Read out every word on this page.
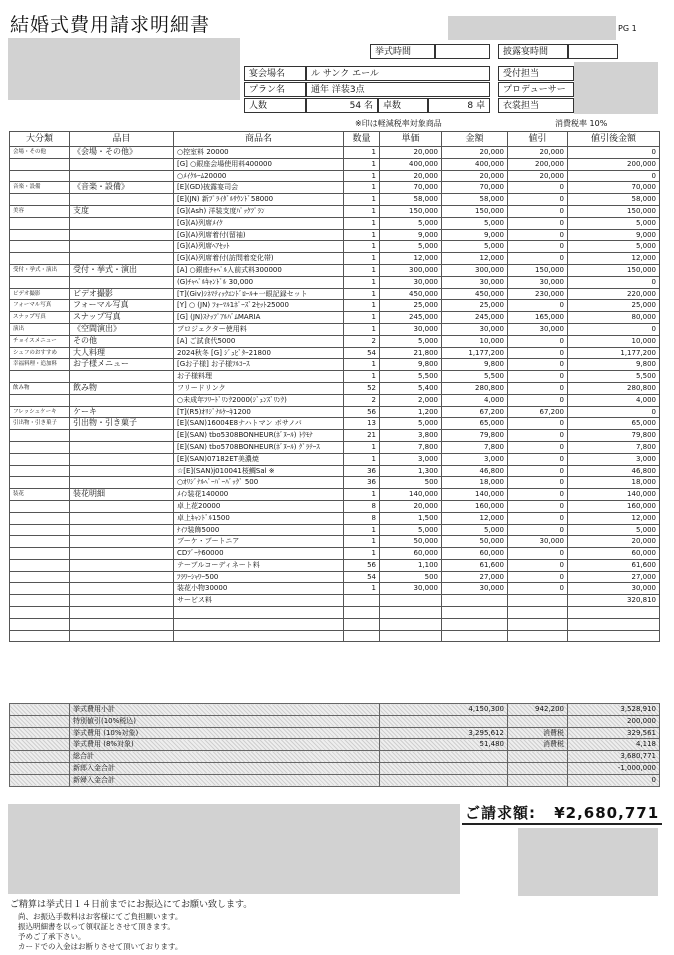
結婚式費用請求明細書	PG 1
挙式時間	披露宴時間
宴会場名	ル サンク エール	受付担当
プラン名	通年 洋装3点	プロデューサー
人数	54 名	卓数	8 卓	衣裳担当
※印は軽減税率対象商品	消費税率 10%
大分類	品目	商品名	数量	単価	金額	値引	値引後金額
会場・その他	《会場・その他》	○控室料 20000	1	20,000	20,000	20,000	0
		[G] ○銀座会場使用料400000	1	400,000	400,000	200,000	200,000
		○ﾒｲｸﾙｰﾑ20000	1	20,000	20,000	20,000	0
音楽・設備	《音楽・設備》	[E](GD)披露宴司会	1	70,000	70,000	0	70,000
		[E](JN) 新ﾌﾟﾗｲﾀﾞﾙｻｳﾝﾄﾞ58000	1	58,000	58,000	0	58,000
美容	支度	[G](Ash) 洋装支度ﾊﾟｯｸﾌﾟﾗﾝ	1	150,000	150,000	0	150,000
		[G](A)列席ﾒｲｸ	1	5,000	5,000	0	5,000
		[G](A)列席着付(留袖)	1	9,000	9,000	0	9,000
		[G](A)列席ﾍｱｾｯﾄ	1	5,000	5,000	0	5,000
		[G](A)列席着付(訪問着変化帯)	1	12,000	12,000	0	12,000
受付・挙式・演出	受付・挙式・演出	[A] ○銀座ﾁｬﾍﾟﾙ人前式料300000	1	300,000	300,000	150,000	150,000
		(G)ﾁｬﾍﾟﾙｷｬﾝﾄﾞﾙ 30,000	1	30,000	30,000	30,000	0
ビデオ撮影	ビデオ撮影	[T](Giv)ｼﾈﾏﾃｨｯｸｴﾝﾄﾞﾛｰﾙ+一眼記録セット	1	450,000	450,000	230,000	220,000
フォーマル写真	フォーマル写真	[Y] ○ (JN) ﾌｫｰﾏﾙ1ﾎﾟｰｽﾞ2ｾｯﾄ25000	1	25,000	25,000	0	25,000
スナップ写真	スナップ写真	[G] (JN)ｽﾅｯﾌﾟｱﾙﾊﾞﾑMARIA	1	245,000	245,000	165,000	80,000
演出	《空間演出》	プロジェクター使用料	1	30,000	30,000	30,000	0
チョイスメニュー	その他	[A] ご試食代5000	2	5,000	10,000	0	10,000
シェフのおすすめ	大人料理	2024秋冬 [G] ｼﾞｭﾋﾞﾀｰ21800	54	21,800	1,177,200	0	1,177,200
幸福料理・追加料	お子様メニュー	[Gお子様] お子様ﾌﾙｺｰｽ	1	9,800	9,800	0	9,800
		お子様料理	1	5,500	5,500	0	5,500
飲み物	飲み物	フリードリンク	52	5,400	280,800	0	280,800
		○未成年ﾌﾘｰﾄﾞﾘﾝｸ2000(ｼﾞｭﾝｽﾞﾘﾝｸ)	2	2,000	4,000	0	4,000
フレッシュケーキ	ケーキ	[T](R5)ｵﾘｼﾞﾅﾙｹｰｷ1200	56	1,200	67,200	67,200	0
引出物・引き菓子	引出物・引き菓子	[E](SAN)16004E8ナハトマン ボサノバ	13	5,000	65,000	0	65,000
		[E](SAN) tbo5308BONHEUR(ﾎﾞﾇｰﾙ) ﾄｳﾓﾅ	21	3,800	79,800	0	79,800
		[E](SAN) tbo5708BONHEUR(ﾎﾞﾇｰﾙ) ｸﾞﾗﾃｰｽ	1	7,800	7,800	0	7,800
		[E](SAN)07182ET美濃焼	1	3,000	3,000	0	3,000
		☆[E](SAN)j010041桜鯛Sal ※	36	1,300	46,800	0	46,800
		○ｵﾘｼﾞﾅﾙﾍﾟｰﾊﾟｰﾊﾞｯｸﾞ 500	36	500	18,000	0	18,000
装花	装花明細	ﾒｲﾝ装花140000	1	140,000	140,000	0	140,000
		卓上花20000	8	20,000	160,000	0	160,000
		卓上ｷｬﾝﾄﾞﾙ1500	8	1,500	12,000	0	12,000
		ﾅｲﾌ装飾5000	1	5,000	5,000	0	5,000
		ブーケ・ブートニア	1	50,000	50,000	30,000	20,000
		CDﾌﾞｰｹ60000	1	60,000	60,000	0	60,000
		テーブルコーディネート料	56	1,100	61,600	0	61,600
		ﾌﾗﾜｰｼｬﾜｰ500	54	500	27,000	0	27,000
		装花小物30000	1	30,000	30,000	0	30,000
		サービス料					320,810

	挙式費用小計	4,150,300	942,200	3,528,910
	特別値引(10%税込)			200,000
	挙式費用 (10%対象)	3,295,612	消費税	329,561
	挙式費用 (8%対象)	51,480	消費税	4,118
	総合計			3,680,771
	新郎入金合計			-1,000,000
	新婦入金合計			0
ご請求額: ¥2,680,771
ご精算は挙式日１４日前までにお振込にてお願い致します。
尚、お振込手数料はお客様にてご負担願います。
振込明細書を以って領収証とさせて頂きます。
予めご了承下さい。
カードでの入金はお断りさせて頂いております。
